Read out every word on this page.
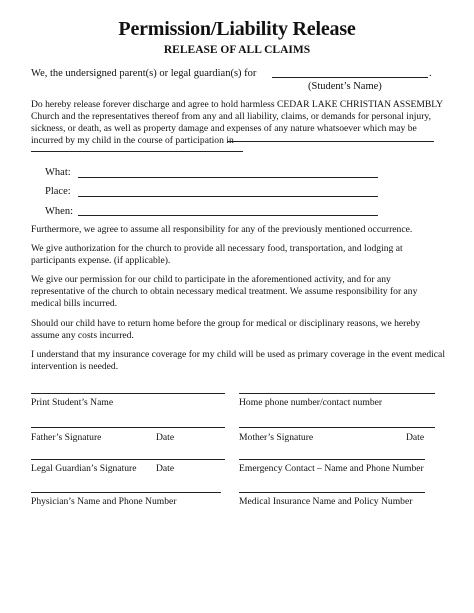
Permission/Liability Release
RELEASE OF ALL CLAIMS
We, the undersigned parent(s) or legal guardian(s) for	.
(Student’s Name)
Do hereby release forever discharge and agree to hold harmless CEDAR LAKE CHRISTIAN ASSEMBLY
Church and the representatives thereof from any and all liability, claims, or demands for personal injury,
sickness, or death, as well as property damage and expenses of any nature whatsoever which may be
incurred by my child in the course of participation in
What:
Place:
When:
Furthermore, we agree to assume all responsibility for any of the previously mentioned occurrence.
We give authorization for the church to provide all necessary food, transportation, and lodging at
participants expense. (if applicable).
We give our permission for our child to participate in the aforementioned activity, and for any
representative of the church to obtain necessary medical treatment. We assume responsibility for any
medical bills incurred.
Should our child have to return home before the group for medical or disciplinary reasons, we hereby
assume any costs incurred.
I understand that my insurance coverage for my child will be used as primary coverage in the event medical
intervention is needed.
Print Student’s Name	Home phone number/contact number
Father’s Signature	Date	Mother’s Signature	Date
Legal Guardian’s Signature Date	Emergency Contact – Name and Phone Number
Physician’s Name and Phone Number	Medical Insurance Name and Policy Number
